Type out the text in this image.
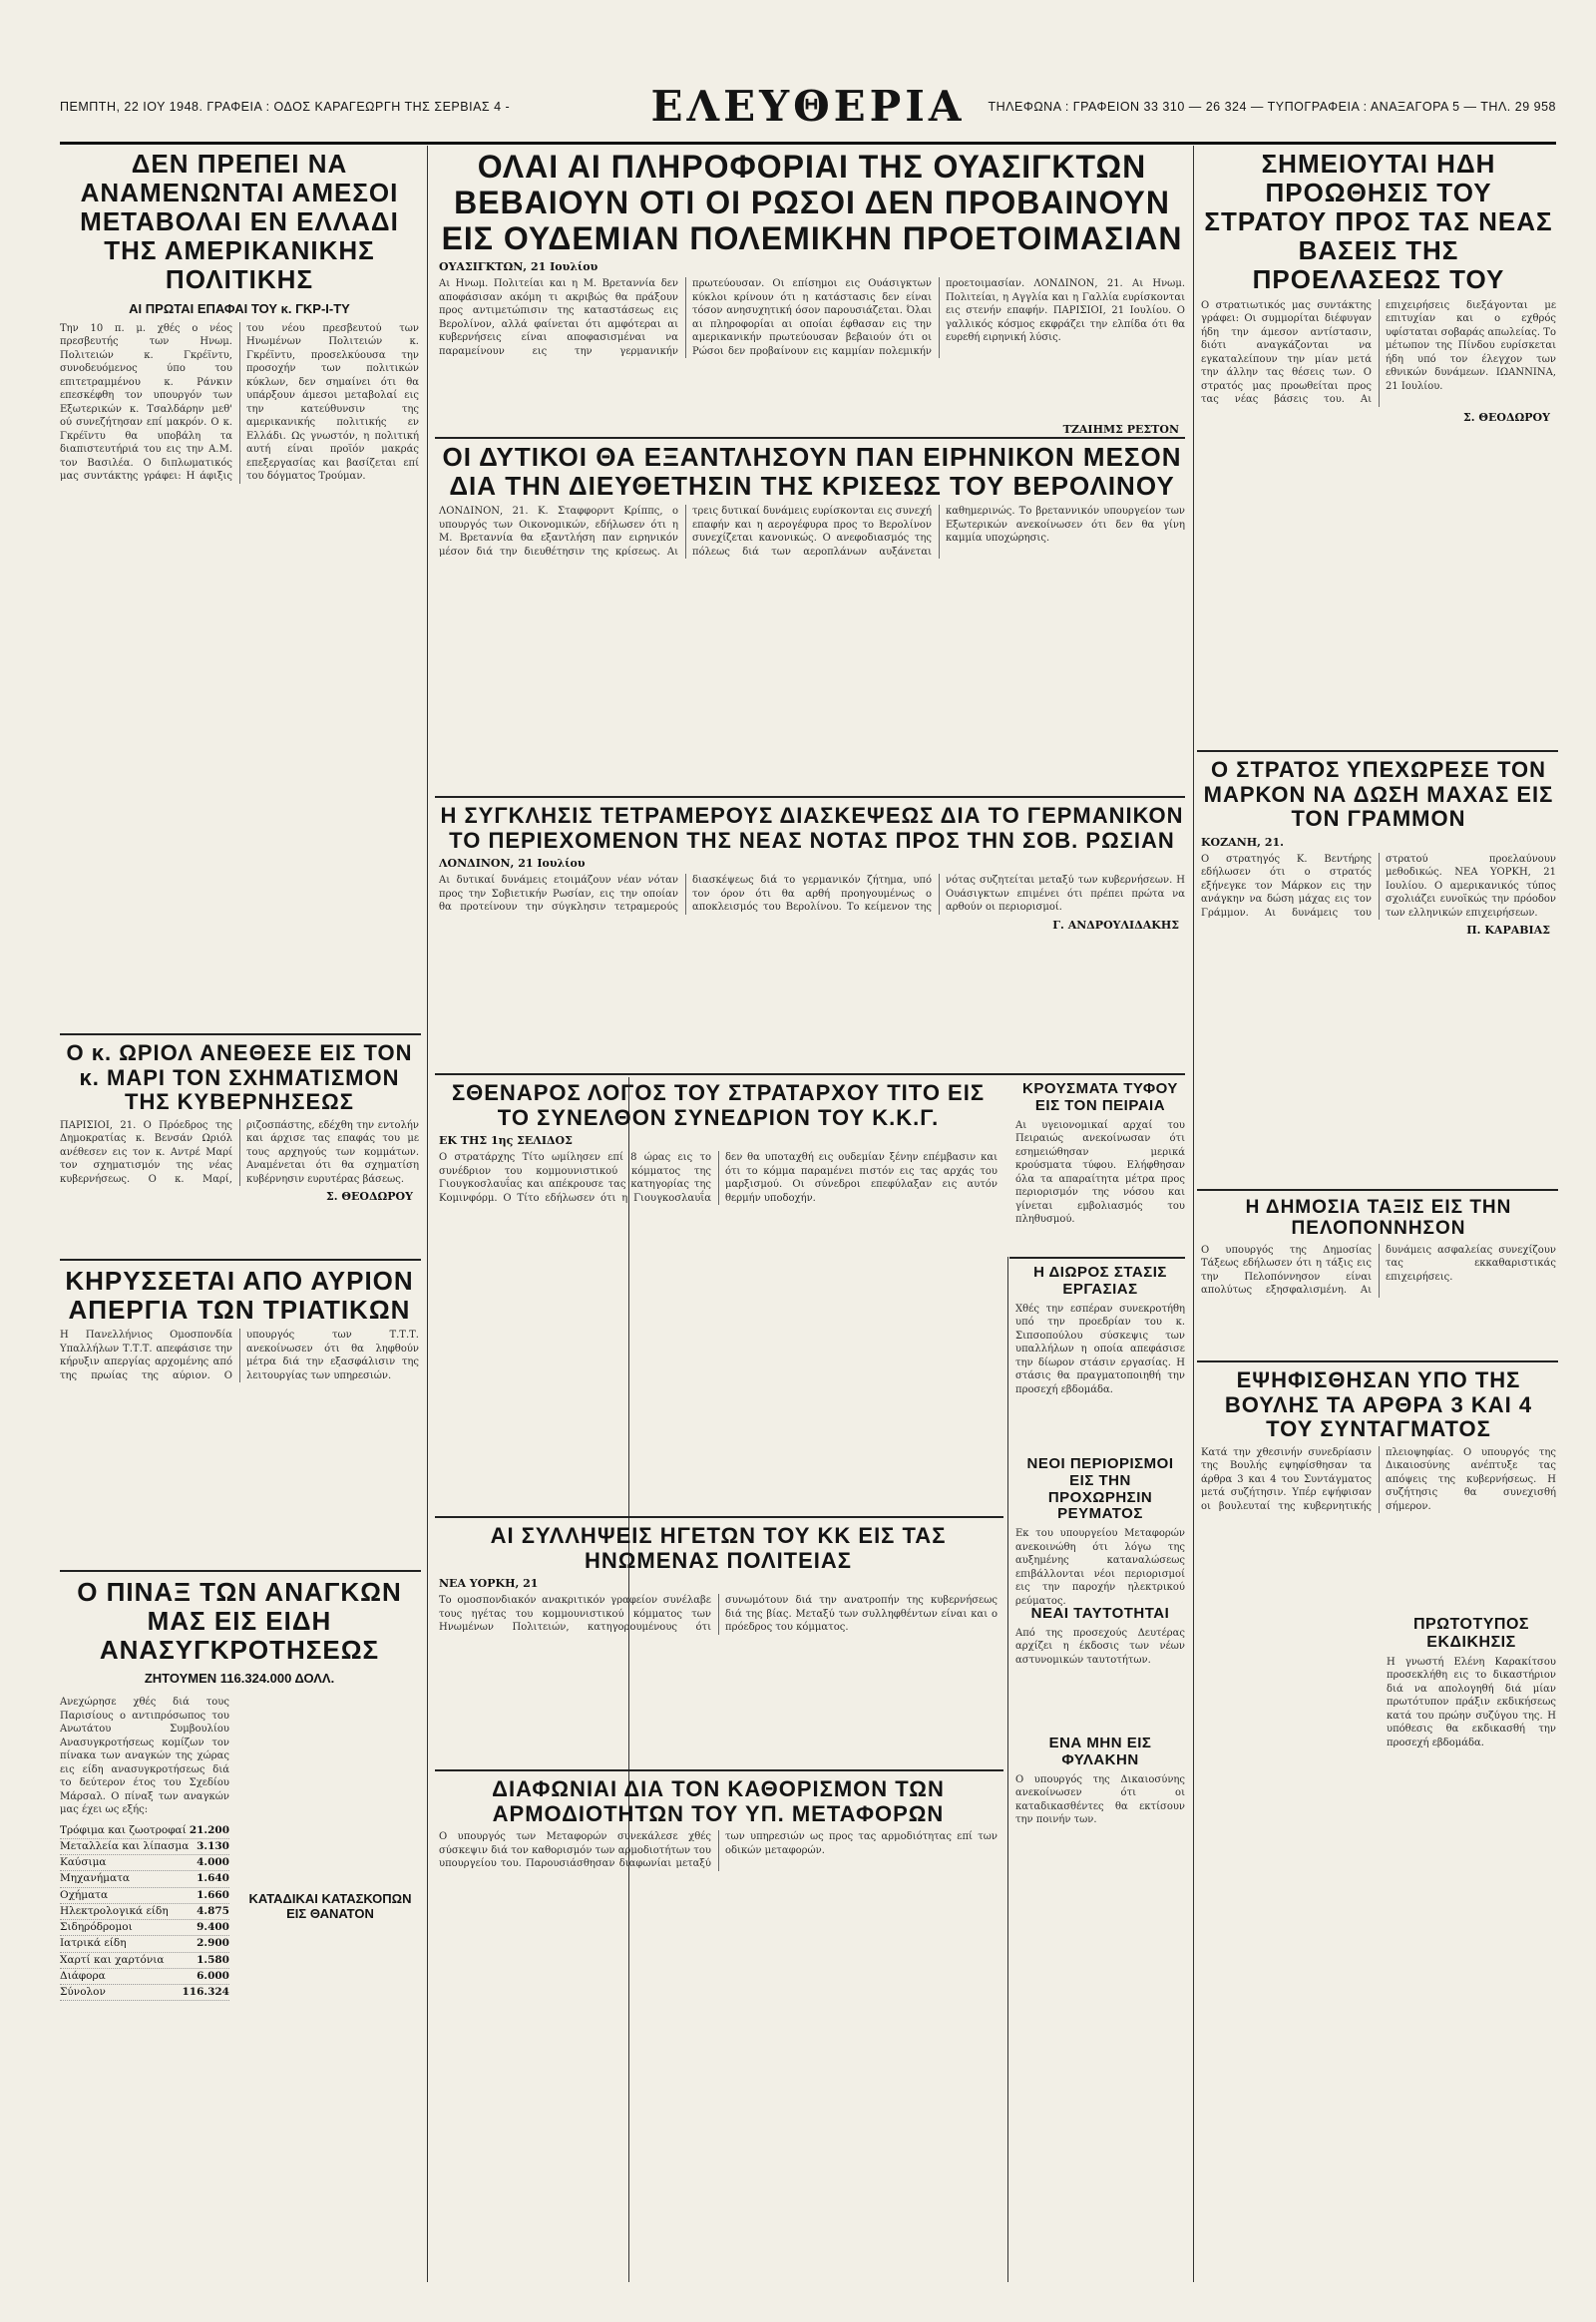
ΠΕΜΠΤΗ, 22 ΙΟΥ 1948. ΓΡΑΦΕΙΑ : ΟΔΟΣ ΚΑΡΑΓΕΩΡΓΗ ΤΗΣ ΣΕΡΒΙΑΣ 4 -	ΕΛΕΥΘΕΡΙΑ	ΤΗΛΕΦΩΝΑ : ΓΡΑΦΕΙΟΝ 33 310 — 26 324 — ΤΥΠΟΓΡΑΦΕΙΑ : ΑΝΑΞΑΓΟΡΑ 5 — ΤΗΛ. 29 958
ΔΕΝ ΠΡΕΠΕΙ ΝΑ ΑΝΑΜΕΝΩΝΤΑΙ ΑΜΕΣΟΙ ΜΕΤΑΒΟΛΑΙ ΕΝ ΕΛΛΑΔΙ ΤΗΣ ΑΜΕΡΙΚΑΝΙΚΗΣ ΠΟΛΙΤΙΚΗΣ
ΑΙ ΠΡΩΤΑΙ ΕΠΑΦΑΙ ΤΟΥ κ. ΓΚΡ-Ι-ΤΥ
Την 10 π. μ. χθές ο νέος πρεσβευτής των Ηνωμ. Πολιτειών κ. Γκρέϊντυ, συνοδευόμενος ύπο του επιτετραμμένου κ. Ράνκιν επεσκέφθη τον υπουργόν των Εξωτερικών κ. Τσαλδάρην μεθ' ού συνεζήτησαν επί μακρόν. Ο κ. Γκρέϊντυ θα υποβάλη τα διαπιστευτήριά του εις την Α.Μ. τον Βασιλέα. Ο διπλωματικός μας συντάκτης γράφει: Η άφιξις του νέου πρεσβευτού των Ηνωμένων Πολιτειών κ. Γκρέϊντυ, προσελκύουσα την προσοχήν των πολιτικών κύκλων, δεν σημαίνει ότι θα υπάρξουν άμεσοι μεταβολαί εις την κατεύθυνσιν της αμερικανικής πολιτικής εν Ελλάδι. Ως γνωστόν, η πολιτική αυτή είναι προϊόν μακράς επεξεργασίας και βασίζεται επί του δόγματος Τρούμαν.
Ο κ. ΩΡΙΟΛ ΑΝΕΘΕΣΕ ΕΙΣ ΤΟΝ κ. ΜΑΡΙ ΤΟΝ ΣΧΗΜΑΤΙΣΜΟΝ ΤΗΣ ΚΥΒΕΡΝΗΣΕΩΣ
ΠΑΡΙΣΙΟΙ, 21. Ο Πρόεδρος της Δημοκρατίας κ. Βενσάν Ωριόλ ανέθεσεν εις τον κ. Αντρέ Μαρί τον σχηματισμόν της νέας κυβερνήσεως. Ο κ. Μαρί, ριζοσπάστης, εδέχθη την εντολήν και άρχισε τας επαφάς του με τους αρχηγούς των κομμάτων. Αναμένεται ότι θα σχηματίση κυβέρνησιν ευρυτέρας βάσεως.
Σ. ΘΕΟΔΩΡΟΥ
ΚΗΡΥΣΣΕΤΑΙ ΑΠΟ ΑΥΡΙΟΝ ΑΠΕΡΓΙΑ ΤΩΝ ΤΡΙΑΤΙΚΩΝ
Η Πανελλήνιος Ομοσπονδία Υπαλλήλων Τ.Τ.Τ. απεφάσισε την κήρυξιν απεργίας αρχομένης από της πρωίας της αύριον. Ο υπουργός των Τ.Τ.Τ. ανεκοίνωσεν ότι θα ληφθούν μέτρα διά την εξασφάλισιν της λειτουργίας των υπηρεσιών.
Ο ΠΙΝΑΞ ΤΩΝ ΑΝΑΓΚΩΝ ΜΑΣ ΕΙΣ ΕΙΔΗ ΑΝΑΣΥΓΚΡΟΤΗΣΕΩΣ
ΖΗΤΟΥΜΕΝ 116.324.000 ΔΟΛΛ.
Ανεχώρησε χθές διά τους Παρισίους ο αντιπρόσωπος του Ανωτάτου Συμβουλίου Ανασυγκροτήσεως κομίζων τον πίνακα των αναγκών της χώρας εις είδη ανασυγκροτήσεως διά το δεύτερον έτος του Σχεδίου Μάρσαλ. Ο πίναξ των αναγκών μας έχει ως εξής:
Τρόφιμα και ζωοτροφαί 21.200
Μεταλλεία και λίπασμα 3.130
Καύσιμα	4.000
Μηχανήματα	1.640
Οχήματα	1.660
Ηλεκτρολογικά είδη	4.875
Σιδηρόδρομοι	9.400
Ιατρικά είδη	2.900
Χαρτί και χαρτόνια	1.580
Διάφορα	6.000
Σύνολον	116.324
ΚΑΤΑΔΙΚΑΙ ΚΑΤΑΣΚΟΠΩΝ ΕΙΣ ΘΑΝΑΤΟΝ
ΟΛΑΙ ΑΙ ΠΛΗΡΟΦΟΡΙΑΙ ΤΗΣ ΟΥΑΣΙΓΚΤΩΝ ΒΕΒΑΙΟΥΝ ΟΤΙ ΟΙ ΡΩΣΟΙ ΔΕΝ ΠΡΟΒΑΙΝΟΥΝ ΕΙΣ ΟΥΔΕΜΙΑΝ ΠΟΛΕΜΙΚΗΝ ΠΡΟΕΤΟΙΜΑΣΙΑΝ
ΟΥΑΣΙΓΚΤΩΝ, 21 Ιουλίου
Αι Ηνωμ. Πολιτείαι και η Μ. Βρεταννία δεν αποφάσισαν ακόμη τι ακριβώς θα πράξουν προς αντιμετώπισιν της καταστάσεως εις Βερολίνον, αλλά φαίνεται ότι αμφότεραι αι κυβερνήσεις είναι αποφασισμέναι να παραμείνουν εις την γερμανικήν πρωτεύουσαν. Οι επίσημοι εις Ουάσιγκτων κύκλοι κρίνουν ότι η κατάστασις δεν είναι τόσον ανησυχητική όσον παρουσιάζεται. Όλαι αι πληροφορίαι αι οποίαι έφθασαν εις την αμερικανικήν πρωτεύουσαν βεβαιούν ότι οι Ρώσοι δεν προβαίνουν εις καμμίαν πολεμικήν προετοιμασίαν. ΛΟΝΔΙΝΟΝ, 21. Αι Ηνωμ. Πολιτείαι, η Αγγλία και η Γαλλία ευρίσκονται εις στενήν επαφήν. ΠΑΡΙΣΙΟΙ, 21 Ιουλίου. Ο γαλλικός κόσμος εκφράζει την ελπίδα ότι θα ευρεθή ειρηνική λύσις.
ΤΖΑΙΗΜΣ ΡΕΣΤΟΝ
ΟΙ ΔΥΤΙΚΟΙ ΘΑ ΕΞΑΝΤΛΗΣΟΥΝ ΠΑΝ ΕΙΡΗΝΙΚΟΝ ΜΕΣΟΝ ΔΙΑ ΤΗΝ ΔΙΕΥΘΕΤΗΣΙΝ ΤΗΣ ΚΡΙΣΕΩΣ ΤΟΥ ΒΕΡΟΛΙΝΟΥ
ΛΟΝΔΙΝΟΝ, 21. Κ. Σταφφορντ Κρίππς, ο υπουργός των Οικονομικών, εδήλωσεν ότι η Μ. Βρεταννία θα εξαντλήση παν ειρηνικόν μέσον διά την διευθέτησιν της κρίσεως. Αι τρεις δυτικαί δυνάμεις ευρίσκονται εις συνεχή επαφήν και η αερογέφυρα προς το Βερολίνον συνεχίζεται κανονικώς. Ο ανεφοδιασμός της πόλεως διά των αεροπλάνων αυξάνεται καθημερινώς. Το βρεταννικόν υπουργείον των Εξωτερικών ανεκοίνωσεν ότι δεν θα γίνη καμμία υποχώρησις.
Η ΣΥΓΚΛΗΣΙΣ ΤΕΤΡΑΜΕΡΟΥΣ ΔΙΑΣΚΕΨΕΩΣ ΔΙΑ ΤΟ ΓΕΡΜΑΝΙΚΟΝ ΤΟ ΠΕΡΙΕΧΟΜΕΝΟΝ ΤΗΣ ΝΕΑΣ ΝΟΤΑΣ ΠΡΟΣ ΤΗΝ ΣΟΒ. ΡΩΣΙΑΝ
ΛΟΝΔΙΝΟΝ, 21 Ιουλίου
Αι δυτικαί δυνάμεις ετοιμάζουν νέαν νόταν προς την Σοβιετικήν Ρωσίαν, εις την οποίαν θα προτείνουν την σύγκλησιν τετραμερούς διασκέψεως διά το γερμανικόν ζήτημα, υπό τον όρον ότι θα αρθή προηγουμένως ο αποκλεισμός του Βερολίνου. Το κείμενον της νότας συζητείται μεταξύ των κυβερνήσεων. Η Ουάσιγκτων επιμένει ότι πρέπει πρώτα να αρθούν οι περιορισμοί.
Γ. ΑΝΔΡΟΥΛΙΔΑΚΗΣ
ΣΘΕΝΑΡΟΣ ΛΟΓΟΣ ΤΟΥ ΣΤΡΑΤΑΡΧΟΥ ΤΙΤΟ ΕΙΣ ΤΟ ΣΥΝΕΛΘΟΝ ΣΥΝΕΔΡΙΟΝ ΤΟΥ Κ.Κ.Γ.
ΕΚ ΤΗΣ 1ης ΣΕΛΙΔΟΣ
Ο στρατάρχης Τίτο ωμίλησεν επί 8 ώρας εις το συνέδριον του κομμουνιστικού κόμματος της Γιουγκοσλαυΐας και απέκρουσε τας κατηγορίας της Κομινφόρμ. Ο Τίτο εδήλωσεν ότι η Γιουγκοσλαυΐα δεν θα υποταχθή εις ουδεμίαν ξένην επέμβασιν και ότι το κόμμα παραμένει πιστόν εις τας αρχάς του μαρξισμού. Οι σύνεδροι επεφύλαξαν εις αυτόν θερμήν υποδοχήν.
ΚΡΟΥΣΜΑΤΑ ΤΥΦΟΥ ΕΙΣ ΤΟΝ ΠΕΙΡΑΙΑ
Αι υγειονομικαί αρχαί του Πειραιώς ανεκοίνωσαν ότι εσημειώθησαν μερικά κρούσματα τύφου. Ελήφθησαν όλα τα απαραίτητα μέτρα προς περιορισμόν της νόσου και γίνεται εμβολιασμός του πληθυσμού.
Η ΔΙΩΡΟΣ ΣΤΑΣΙΣ ΕΡΓΑΣΙΑΣ
Χθές την εσπέραν συνεκροτήθη υπό την προεδρίαν του κ. Σιπσοπούλου σύσκεψις των υπαλλήλων η οποία απεφάσισε την δίωρον στάσιν εργασίας. Η στάσις θα πραγματοποιηθή την προσεχή εβδομάδα.
ΑΙ ΣΥΛΛΗΨΕΙΣ ΗΓΕΤΩΝ ΤΟΥ ΚΚ ΕΙΣ ΤΑΣ ΗΝΩΜΕΝΑΣ ΠΟΛΙΤΕΙΑΣ
ΝΕΑ ΥΟΡΚΗ, 21
Το ομοσπονδιακόν ανακριτικόν γραφείον συνέλαβε τους ηγέτας του κομμουνιστικού κόμματος των Ηνωμένων Πολιτειών, κατηγορουμένους ότι συνωμότουν διά την ανατροπήν της κυβερνήσεως διά της βίας. Μεταξύ των συλληφθέντων είναι και ο πρόεδρος του κόμματος.
ΔΙΑΦΩΝΙΑΙ ΔΙΑ ΤΟΝ ΚΑΘΟΡΙΣΜΟΝ ΤΩΝ ΑΡΜΟΔΙΟΤΗΤΩΝ ΤΟΥ ΥΠ. ΜΕΤΑΦΟΡΩΝ
Ο υπουργός των Μεταφορών συνεκάλεσε χθές σύσκεψιν διά τον καθορισμόν των αρμοδιοτήτων του υπουργείου του. Παρουσιάσθησαν διαφωνίαι μεταξύ των υπηρεσιών ως προς τας αρμοδιότητας επί των οδικών μεταφορών.
ΝΕΟΙ ΠΕΡΙΟΡΙΣΜΟΙ ΕΙΣ ΤΗΝ ΠΡΟΧΩΡΗΣΙΝ ΡΕΥΜΑΤΟΣ
Εκ του υπουργείου Μεταφορών ανεκοινώθη ότι λόγω της αυξημένης καταναλώσεως επιβάλλονται νέοι περιορισμοί εις την παροχήν ηλεκτρικού ρεύματος.
ΝΕΑΙ ΤΑΥΤΟΤΗΤΑΙ
Από της προσεχούς Δευτέρας αρχίζει η έκδοσις των νέων αστυνομικών ταυτοτήτων.
ΕΝΑ ΜΗΝ ΕΙΣ ΦΥΛΑΚΗΝ
Ο υπουργός της Δικαιοσύνης ανεκοίνωσεν ότι οι καταδικασθέντες θα εκτίσουν την ποινήν των.
ΣΗΜΕΙΟΥΤΑΙ ΗΔΗ ΠΡΟΩΘΗΣΙΣ ΤΟΥ ΣΤΡΑΤΟΥ ΠΡΟΣ ΤΑΣ ΝΕΑΣ ΒΑΣΕΙΣ ΤΗΣ ΠΡΟΕΛΑΣΕΩΣ ΤΟΥ
Ο στρατιωτικός μας συντάκτης γράφει: Οι συμμορίται διέφυγαν ήδη την άμεσον αντίστασιν, διότι αναγκάζονται να εγκαταλείπουν την μίαν μετά την άλλην τας θέσεις των. Ο στρατός μας προωθείται προς τας νέας βάσεις του. Αι επιχειρήσεις διεξάγονται με επιτυχίαν και ο εχθρός υφίσταται σοβαράς απωλείας. Το μέτωπον της Πίνδου ευρίσκεται ήδη υπό τον έλεγχον των εθνικών δυνάμεων. ΙΩΑΝΝΙΝΑ, 21 Ιουλίου.
Σ. ΘΕΟΔΩΡΟΥ
Ο ΣΤΡΑΤΟΣ ΥΠΕΧΩΡΕΣΕ ΤΟΝ ΜΑΡΚΟΝ ΝΑ ΔΩΣΗ ΜΑΧΑΣ ΕΙΣ ΤΟΝ ΓΡΑΜΜΟΝ
ΚΟΖΑΝΗ, 21.
Ο στρατηγός Κ. Βεντήρης εδήλωσεν ότι ο στρατός εξήνεγκε τον Μάρκον εις την ανάγκην να δώση μάχας εις τον Γράμμον. Αι δυνάμεις του στρατού προελαύνουν μεθοδικώς. ΝΕΑ ΥΟΡΚΗ, 21 Ιουλίου. Ο αμερικανικός τύπος σχολιάζει ευνοϊκώς την πρόοδον των ελληνικών επιχειρήσεων.
Π. ΚΑΡΑΒΙΑΣ
Η ΔΗΜΟΣΙΑ ΤΑΞΙΣ ΕΙΣ ΤΗΝ ΠΕΛΟΠΟΝΝΗΣΟΝ
Ο υπουργός της Δημοσίας Τάξεως εδήλωσεν ότι η τάξις εις την Πελοπόννησον είναι απολύτως εξησφαλισμένη. Αι δυνάμεις ασφαλείας συνεχίζουν τας εκκαθαριστικάς επιχειρήσεις.
ΕΨΗΦΙΣΘΗΣΑΝ ΥΠΟ ΤΗΣ ΒΟΥΛΗΣ ΤΑ ΑΡΘΡΑ 3 ΚΑΙ 4 ΤΟΥ ΣΥΝΤΑΓΜΑΤΟΣ
Κατά την χθεσινήν συνεδρίασιν της Βουλής εψηφίσθησαν τα άρθρα 3 και 4 του Συντάγματος μετά συζήτησιν. Υπέρ εψήφισαν οι βουλευταί της κυβερνητικής πλειοψηφίας. Ο υπουργός της Δικαιοσύνης ανέπτυξε τας απόψεις της κυβερνήσεως. Η συζήτησις θα συνεχισθή σήμερον.
ΠΡΩΤΟΤΥΠΟΣ ΕΚΔΙΚΗΣΙΣ
Η γνωστή Ελένη Καρακίτσου προσεκλήθη εις το δικαστήριον διά να απολογηθή διά μίαν πρωτότυπον πράξιν εκδικήσεως κατά του πρώην συζύγου της. Η υπόθεσις θα εκδικασθή την προσεχή εβδομάδα.
